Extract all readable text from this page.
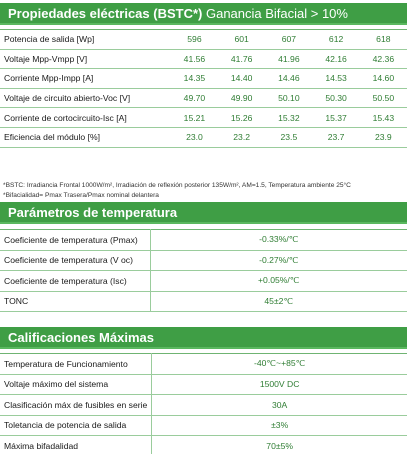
Propiedades eléctricas (BSTC*) Ganancia Bifacial > 10%
Potencia de salida [Wp]	596	601	607	612	618
Voltaje Mpp-Vmpp [V]	41.56	41.76	41.96	42.16	42.36
Corriente Mpp-Impp [A]	14.35	14.40	14.46	14.53	14.60
Voltaje de circuito abierto-Voc [V]	49.70	49.90	50.10	50.30	50.50
Corriente de cortocircuito-Isc [A]	15.21	15.26	15.32	15.37	15.43
Eficiencia del módulo [%]	23.0	23.2	23.5	23.7	23.9
*BSTC: Irradiancia Frontal 1000W/m², Irradiación de reflexión posterior 135W/m², AM=1.5, Temperatura ambiente 25°C
*Bifacialidad= Pmax Trasera/Pmax nominal delantera
Parámetros de temperatura
Coeficiente de temperatura (Pmax)	-0.33%/℃
Coeficiente de temperatura (V oc)	-0.27%/℃
Coeficiente de temperatura (Isc)	+0.05%/℃
TONC	45±2℃
Calificaciones Máximas
Temperatura de Funcionamiento	-40℃~+85℃
Voltaje máximo del sistema	1500V DC
Clasificación máx de fusibles en serie	30A
Toletancia de potencia de salida	±3%
Máxima bifadalidad	70±5%
